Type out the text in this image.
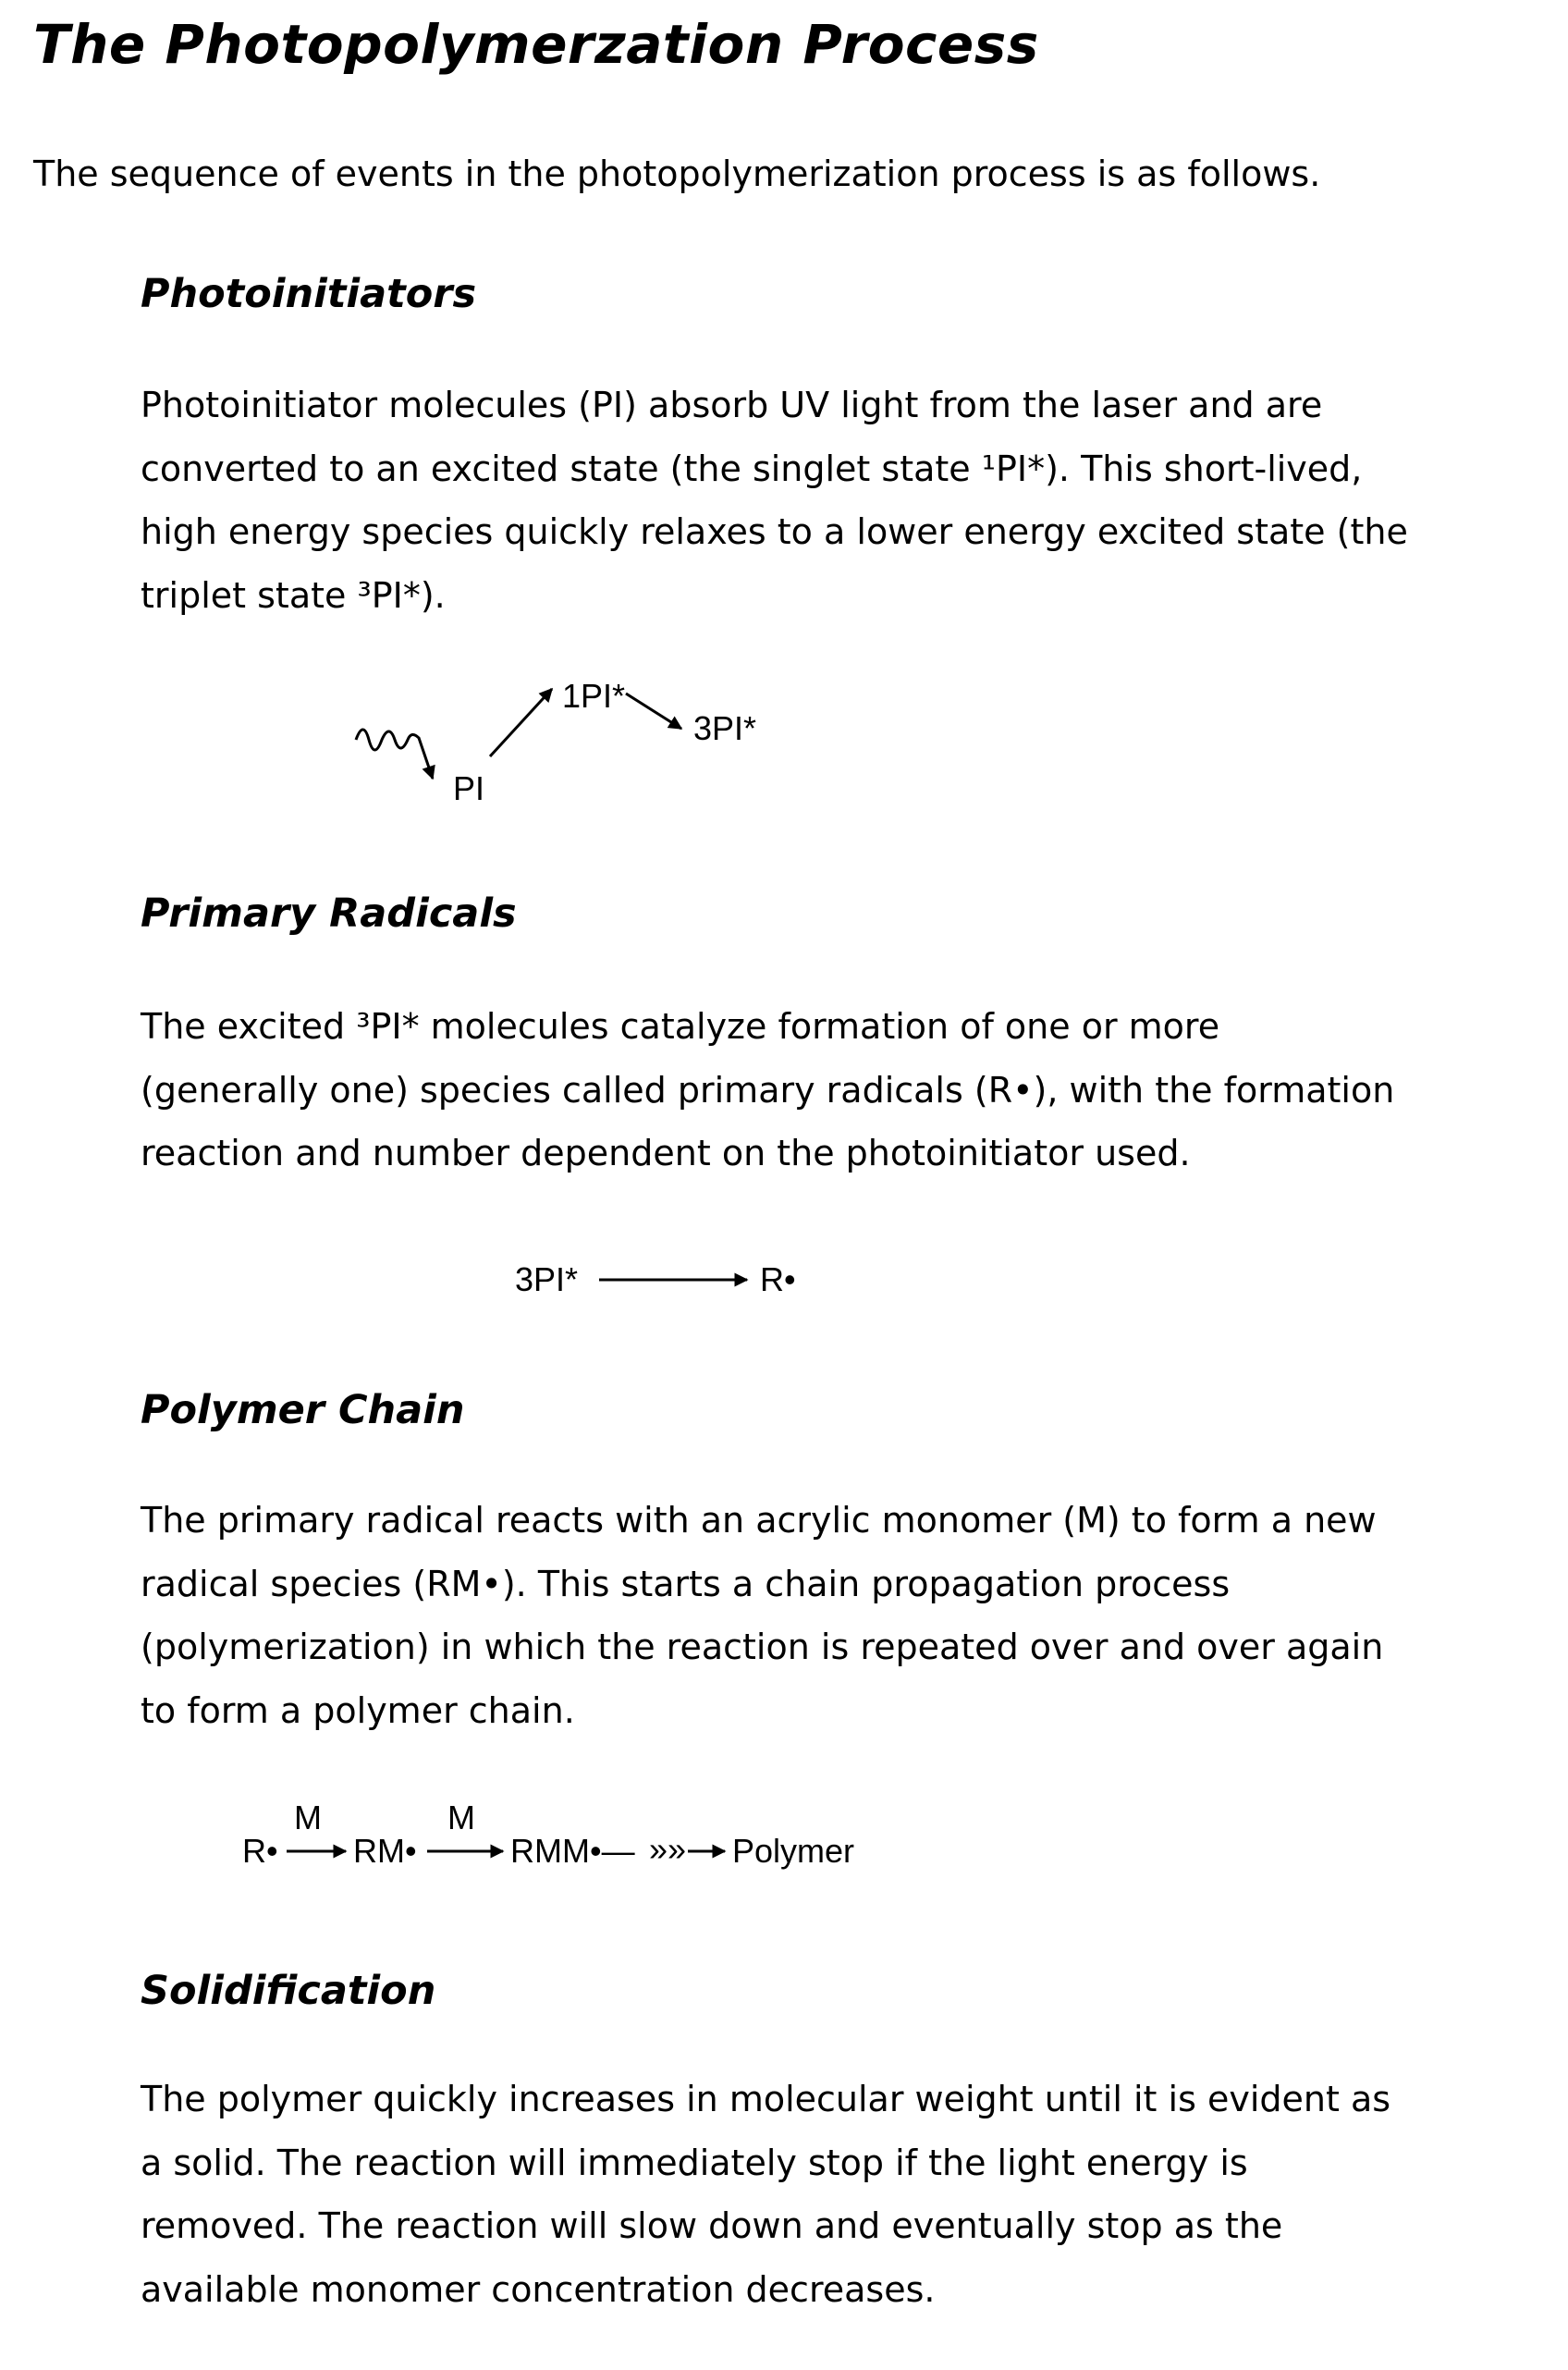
The Photopolymerzation Process
The sequence of events in the photopolymerization process is as follows.
Photoinitiators
Photoinitiator molecules (PI) absorb UV light from the laser and are
converted to an excited state (the singlet state ¹PI*). This short-lived,
high energy species quickly relaxes to a lower energy excited state (the
triplet state ³PI*).
Primary Radicals
The excited ³PI* molecules catalyze formation of one or more
(generally one) species called primary radicals (R•), with the formation
reaction and number dependent on the photoinitiator used.
Polymer Chain
The primary radical reacts with an acrylic monomer (M) to form a new
radical species (RM•). This starts a chain propagation process
(polymerization) in which the reaction is repeated over and over again
to form a polymer chain.
Solidification
The polymer quickly increases in molecular weight until it is evident as
a solid. The reaction will immediately stop if the light energy is
removed. The reaction will slow down and eventually stop as the
available monomer concentration decreases.
PI
1PI*
3PI*
3PI*	R•
R•
M
RM•
M
RMM•— »» Polymer
